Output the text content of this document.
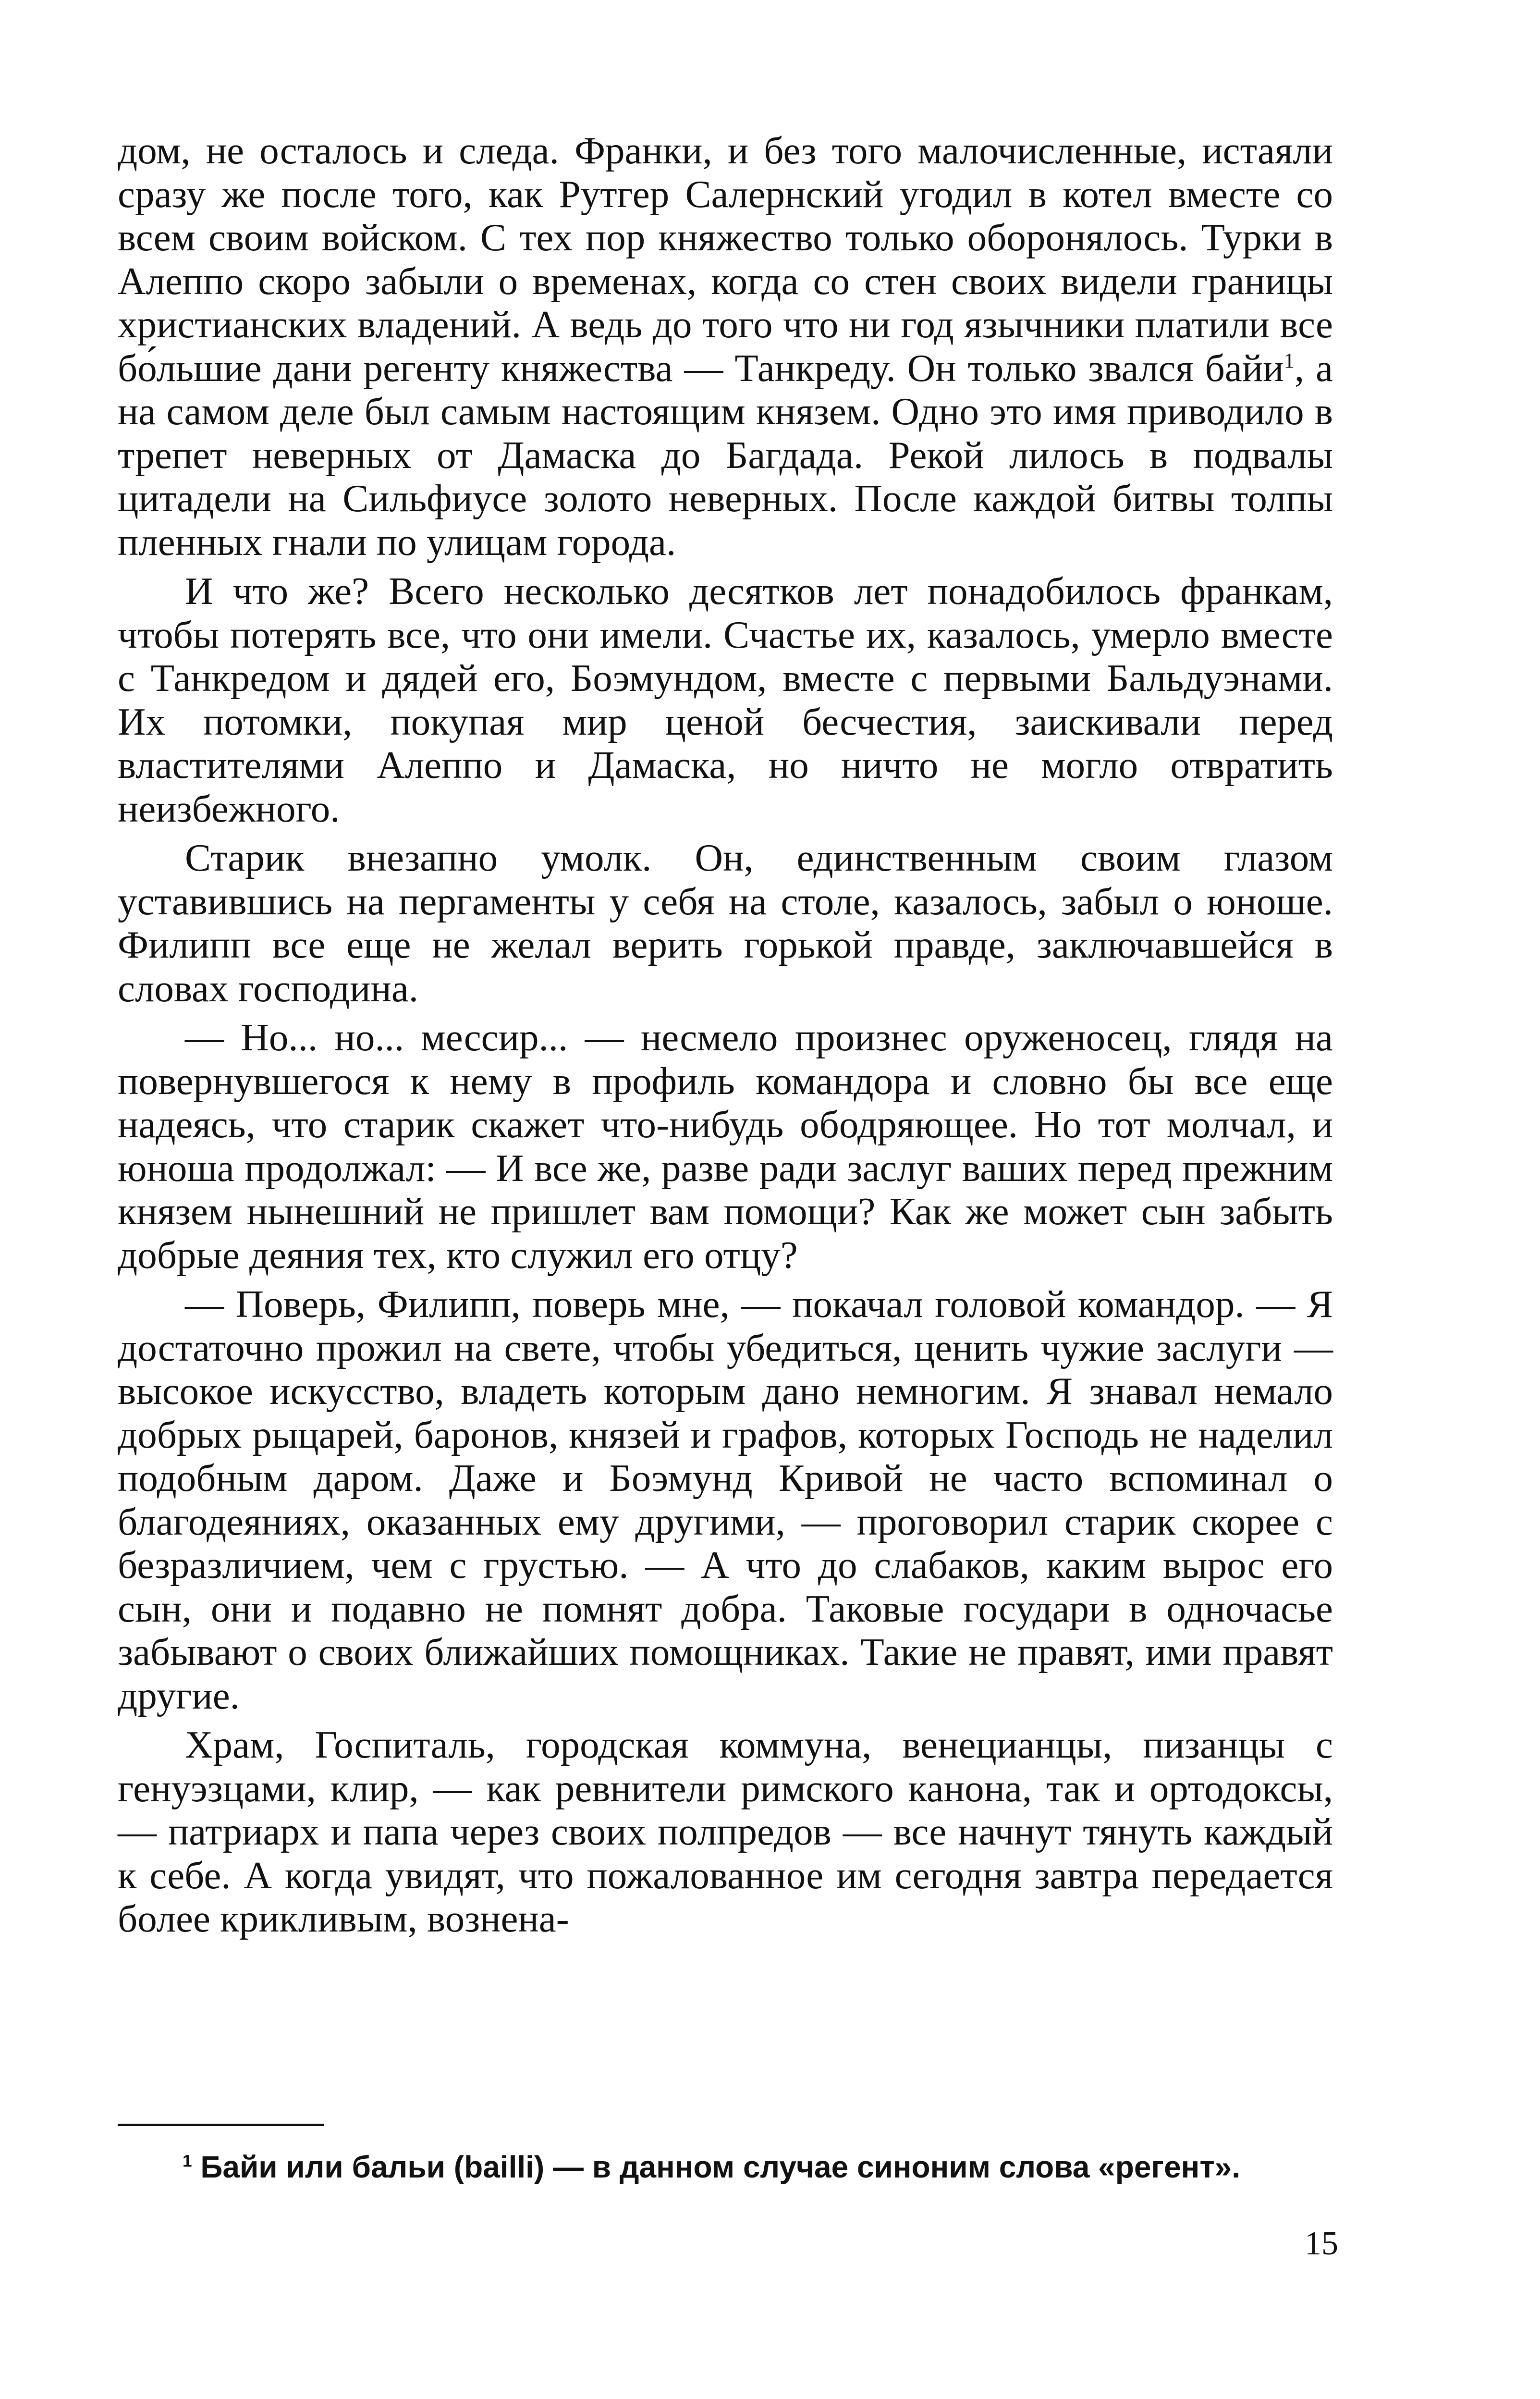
дом, не осталось и следа. Франки, и без того малочисленные, истаяли сразу же после того, как Рутгер Салернский угодил в котел вместе со всем своим войском. С тех пор княжество только оборонялось. Турки в Алеппо скоро забыли о временах, когда со стен своих видели границы христианских владений. А ведь до того что ни год язычники платили все бо́льшие дани регенту княжества — Танкреду. Он только звался байи$^1$, а на самом деле был самым настоящим князем. Одно это имя приводило в трепет неверных от Дамаска до Багдада. Рекой лилось в подвалы цитадели на Сильфиусе золото неверных. После каждой битвы толпы пленных гнали по улицам города.

И что же? Всего несколько десятков лет понадобилось франкам, чтобы потерять все, что они имели. Счастье их, казалось, умерло вместе с Танкредом и дядей его, Боэмундом, вместе с первыми Бальдуэнами. Их потомки, покупая мир ценой бесчестия, заискивали перед властителями Алеппо и Дамаска, но ничто не могло отвратить неизбежного.

Старик внезапно умолк. Он, единственным своим глазом уставившись на пергаменты у себя на столе, казалось, забыл о юноше. Филипп все еще не желал верить горькой правде, заключавшейся в словах господина.

— Но... но... мессир... — несмело произнес оруженосец, глядя на повернувшегося к нему в профиль командора и словно бы все еще надеясь, что старик скажет что-нибудь ободряющее. Но тот молчал, и юноша продолжал: — И все же, разве ради заслуг ваших перед прежним князем нынешний не пришлет вам помощи? Как же может сын забыть добрые деяния тех, кто служил его отцу?

— Поверь, Филипп, поверь мне, — покачал головой командор. — Я достаточно прожил на свете, чтобы убедиться, ценить чужие заслуги — высокое искусство, владеть которым дано немногим. Я знавал немало добрых рыцарей, баронов, князей и графов, которых Господь не наделил подобным даром. Даже и Боэмунд Кривой не часто вспоминал о благодеяниях, оказанных ему другими, — проговорил старик скорее с безразличием, чем с грустью. — А что до слабаков, каким вырос его сын, они и подавно не помнят добра. Таковые государи в одночасье забывают о своих ближайших помощниках. Такие не правят, ими правят другие.

Храм, Госпиталь, городская коммуна, венецианцы, пизанцы с генуэзцами, клир, — как ревнители римского канона, так и ортодоксы, — патриарх и папа через своих полпредов — все начнут тянуть каждый к себе. А когда увидят, что пожалованное им сегодня завтра передается более крикливым, вознена-

$^1$ Байи или бальи (bailli) — в данном случае синоним слова «регент».
15
